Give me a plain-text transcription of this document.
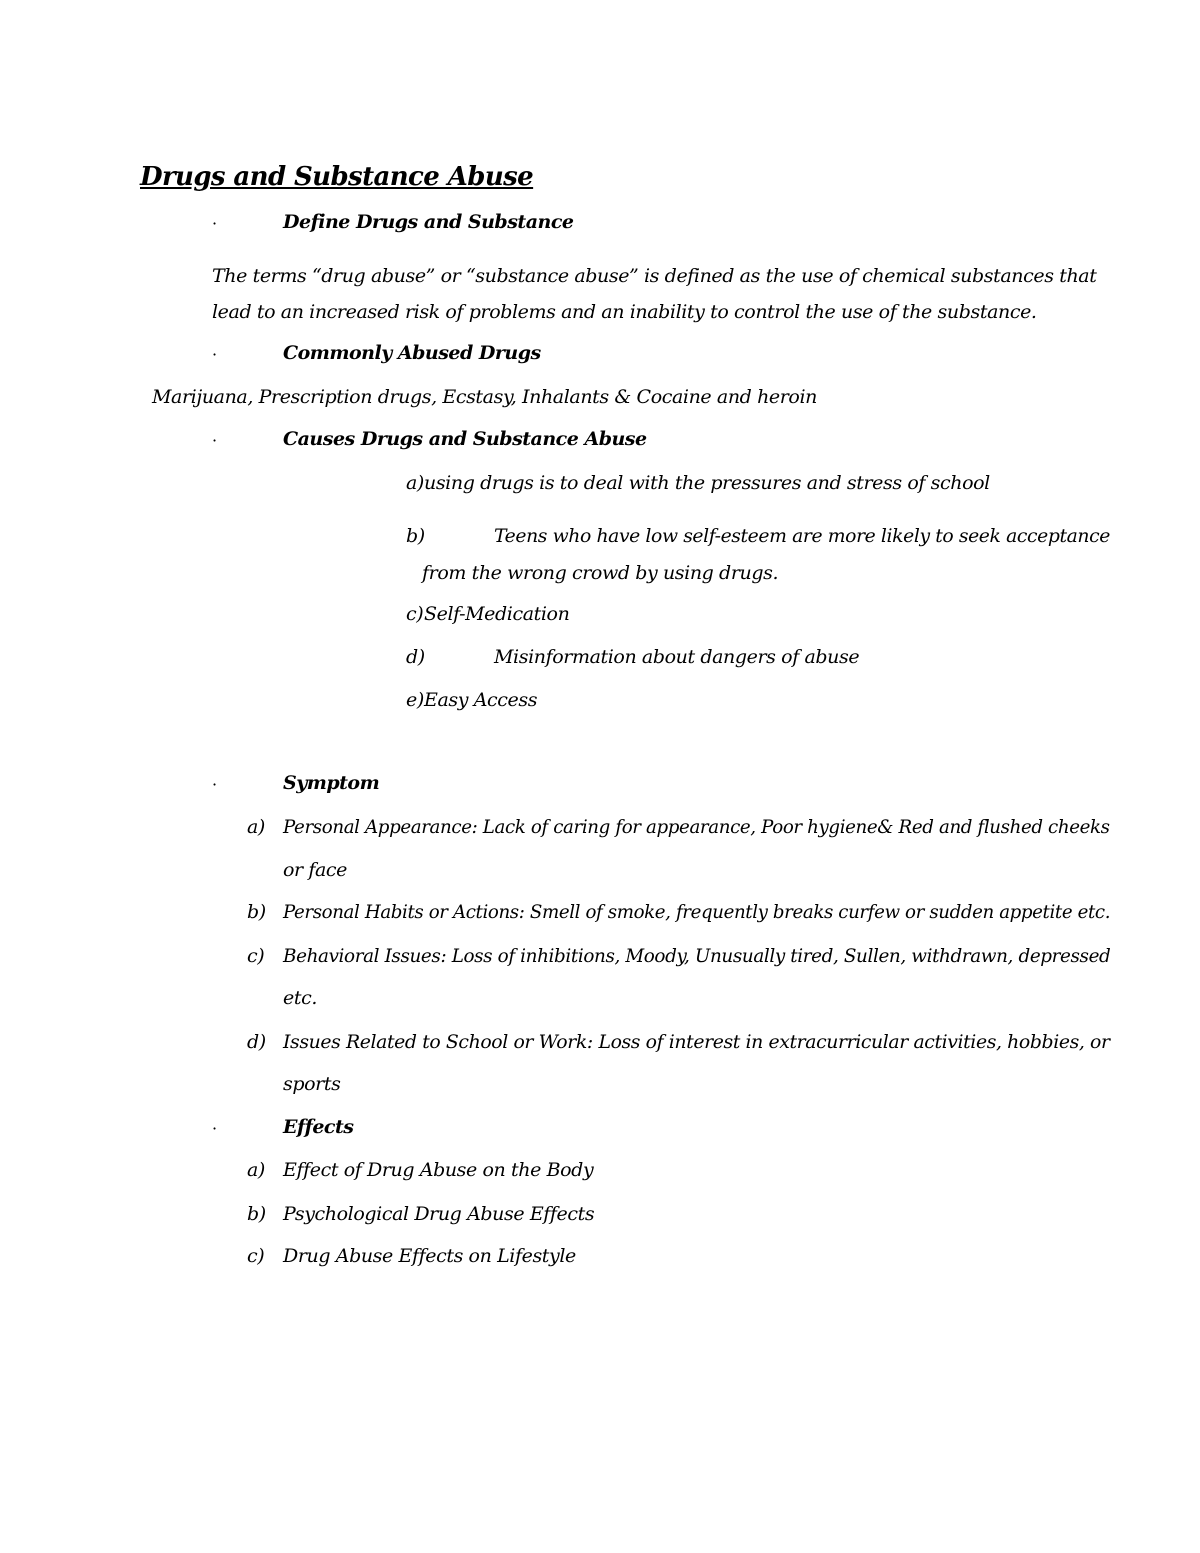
Drugs and Substance Abuse
·	Define Drugs and Substance
The terms “drug abuse” or “substance abuse” is defined as the use of chemical substances that
lead to an increased risk of problems and an inability to control the use of the substance.
·	Commonly Abused Drugs
Marijuana, Prescription drugs, Ecstasy, Inhalants & Cocaine and heroin
·	Causes Drugs and Substance Abuse
a) using drugs is to deal with the pressures and stress of school
b)	Teens who have low self-esteem are more likely to seek acceptance
from the wrong crowd by using drugs.
c) Self-Medication
d)	Misinformation about dangers of abuse
e) Easy Access
·	Symptom
a) Personal Appearance: Lack of caring for appearance, Poor hygiene& Red and flushed cheeks
or face
b) Personal Habits or Actions: Smell of smoke, frequently breaks curfew or sudden appetite etc.
c) Behavioral Issues: Loss of inhibitions, Moody, Unusually tired, Sullen, withdrawn, depressed
etc.
d) Issues Related to School or Work: Loss of interest in extracurricular activities, hobbies, or
sports
·	Effects
a) Effect of Drug Abuse on the Body
b) Psychological Drug Abuse Effects
c) Drug Abuse Effects on Lifestyle
